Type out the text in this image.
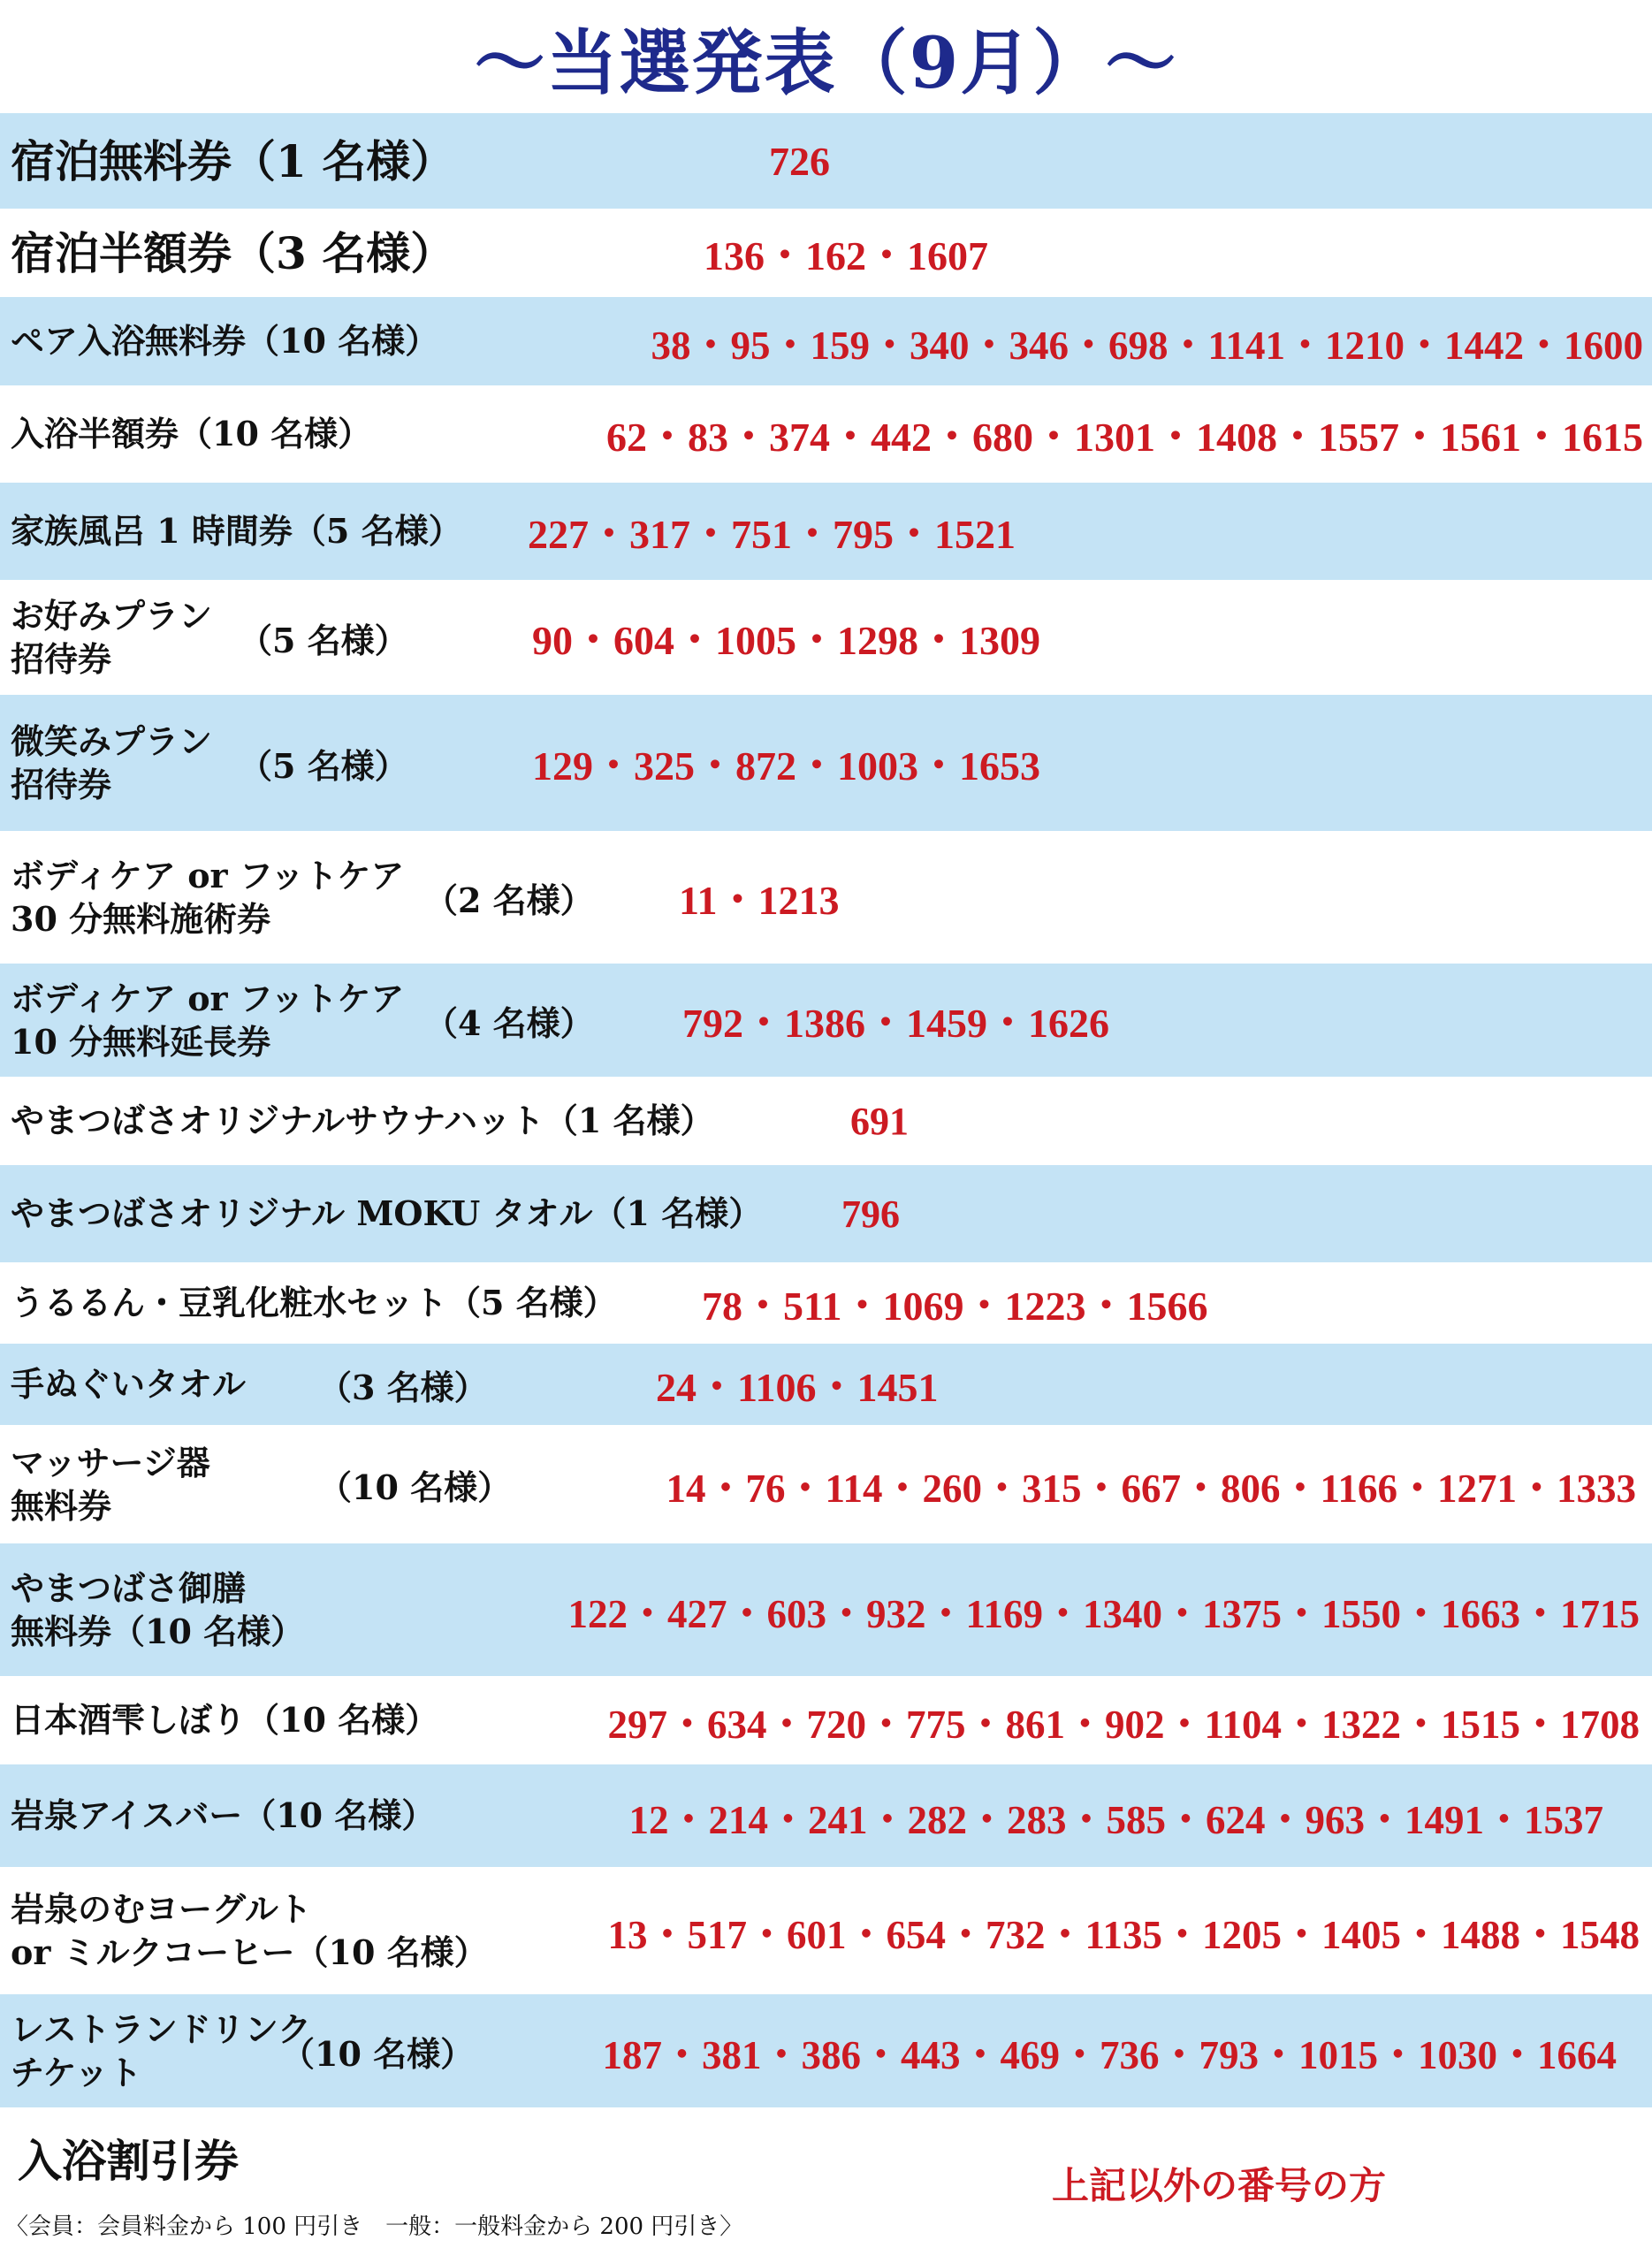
～当選発表（9月）～
宿泊無料券（1 名様）	726
宿泊半額券（3 名様）	136・162・1607
ペア入浴無料券（10 名様）	38・95・159・340・346・698・1141・1210・1442・1600
入浴半額券（10 名様）	62・83・374・442・680・1301・1408・1557・1561・1615
家族風呂 1 時間券（5 名様） 227・317・751・795・1521
お好みプラン
招待券	（5 名様）	90・604・1005・1298・1309
微笑みプラン
招待券	（5 名様）	129・325・872・1003・1653
ボディケア or フットケア
30 分無料施術券	（2 名様） 11・1213
ボディケア or フットケア
10 分無料延長券	（4 名様） 792・1386・1459・1626
やまつばさオリジナルサウナハット（1 名様）	691
やまつばさオリジナル MOKU タオル（1 名様） 796
うるるん・豆乳化粧水セット（5 名様） 78・511・1069・1223・1566
手ぬぐいタオル （3 名様）	24・1106・1451
マッサージ器
無料券	（10 名様）	14・76・114・260・315・667・806・1166・1271・1333
やまつばさ御膳
無料券（10 名様）	122・427・603・932・1169・1340・1375・1550・1663・1715
日本酒雫しぼり（10 名様）	297・634・720・775・861・902・1104・1322・1515・1708
岩泉アイスバー（10 名様）	12・214・241・282・283・585・624・963・1491・1537
岩泉のむヨーグルト
or ミルクコーヒー（10 名様）	13・517・601・654・732・1135・1205・1405・1488・1548
レストランドリンク
チケット	（10 名様）	187・381・386・443・469・736・793・1015・1030・1664
入浴割引券	上記以外の番号の方
〈会員：会員料金から 100 円引き　一般：一般料金から 200 円引き〉
